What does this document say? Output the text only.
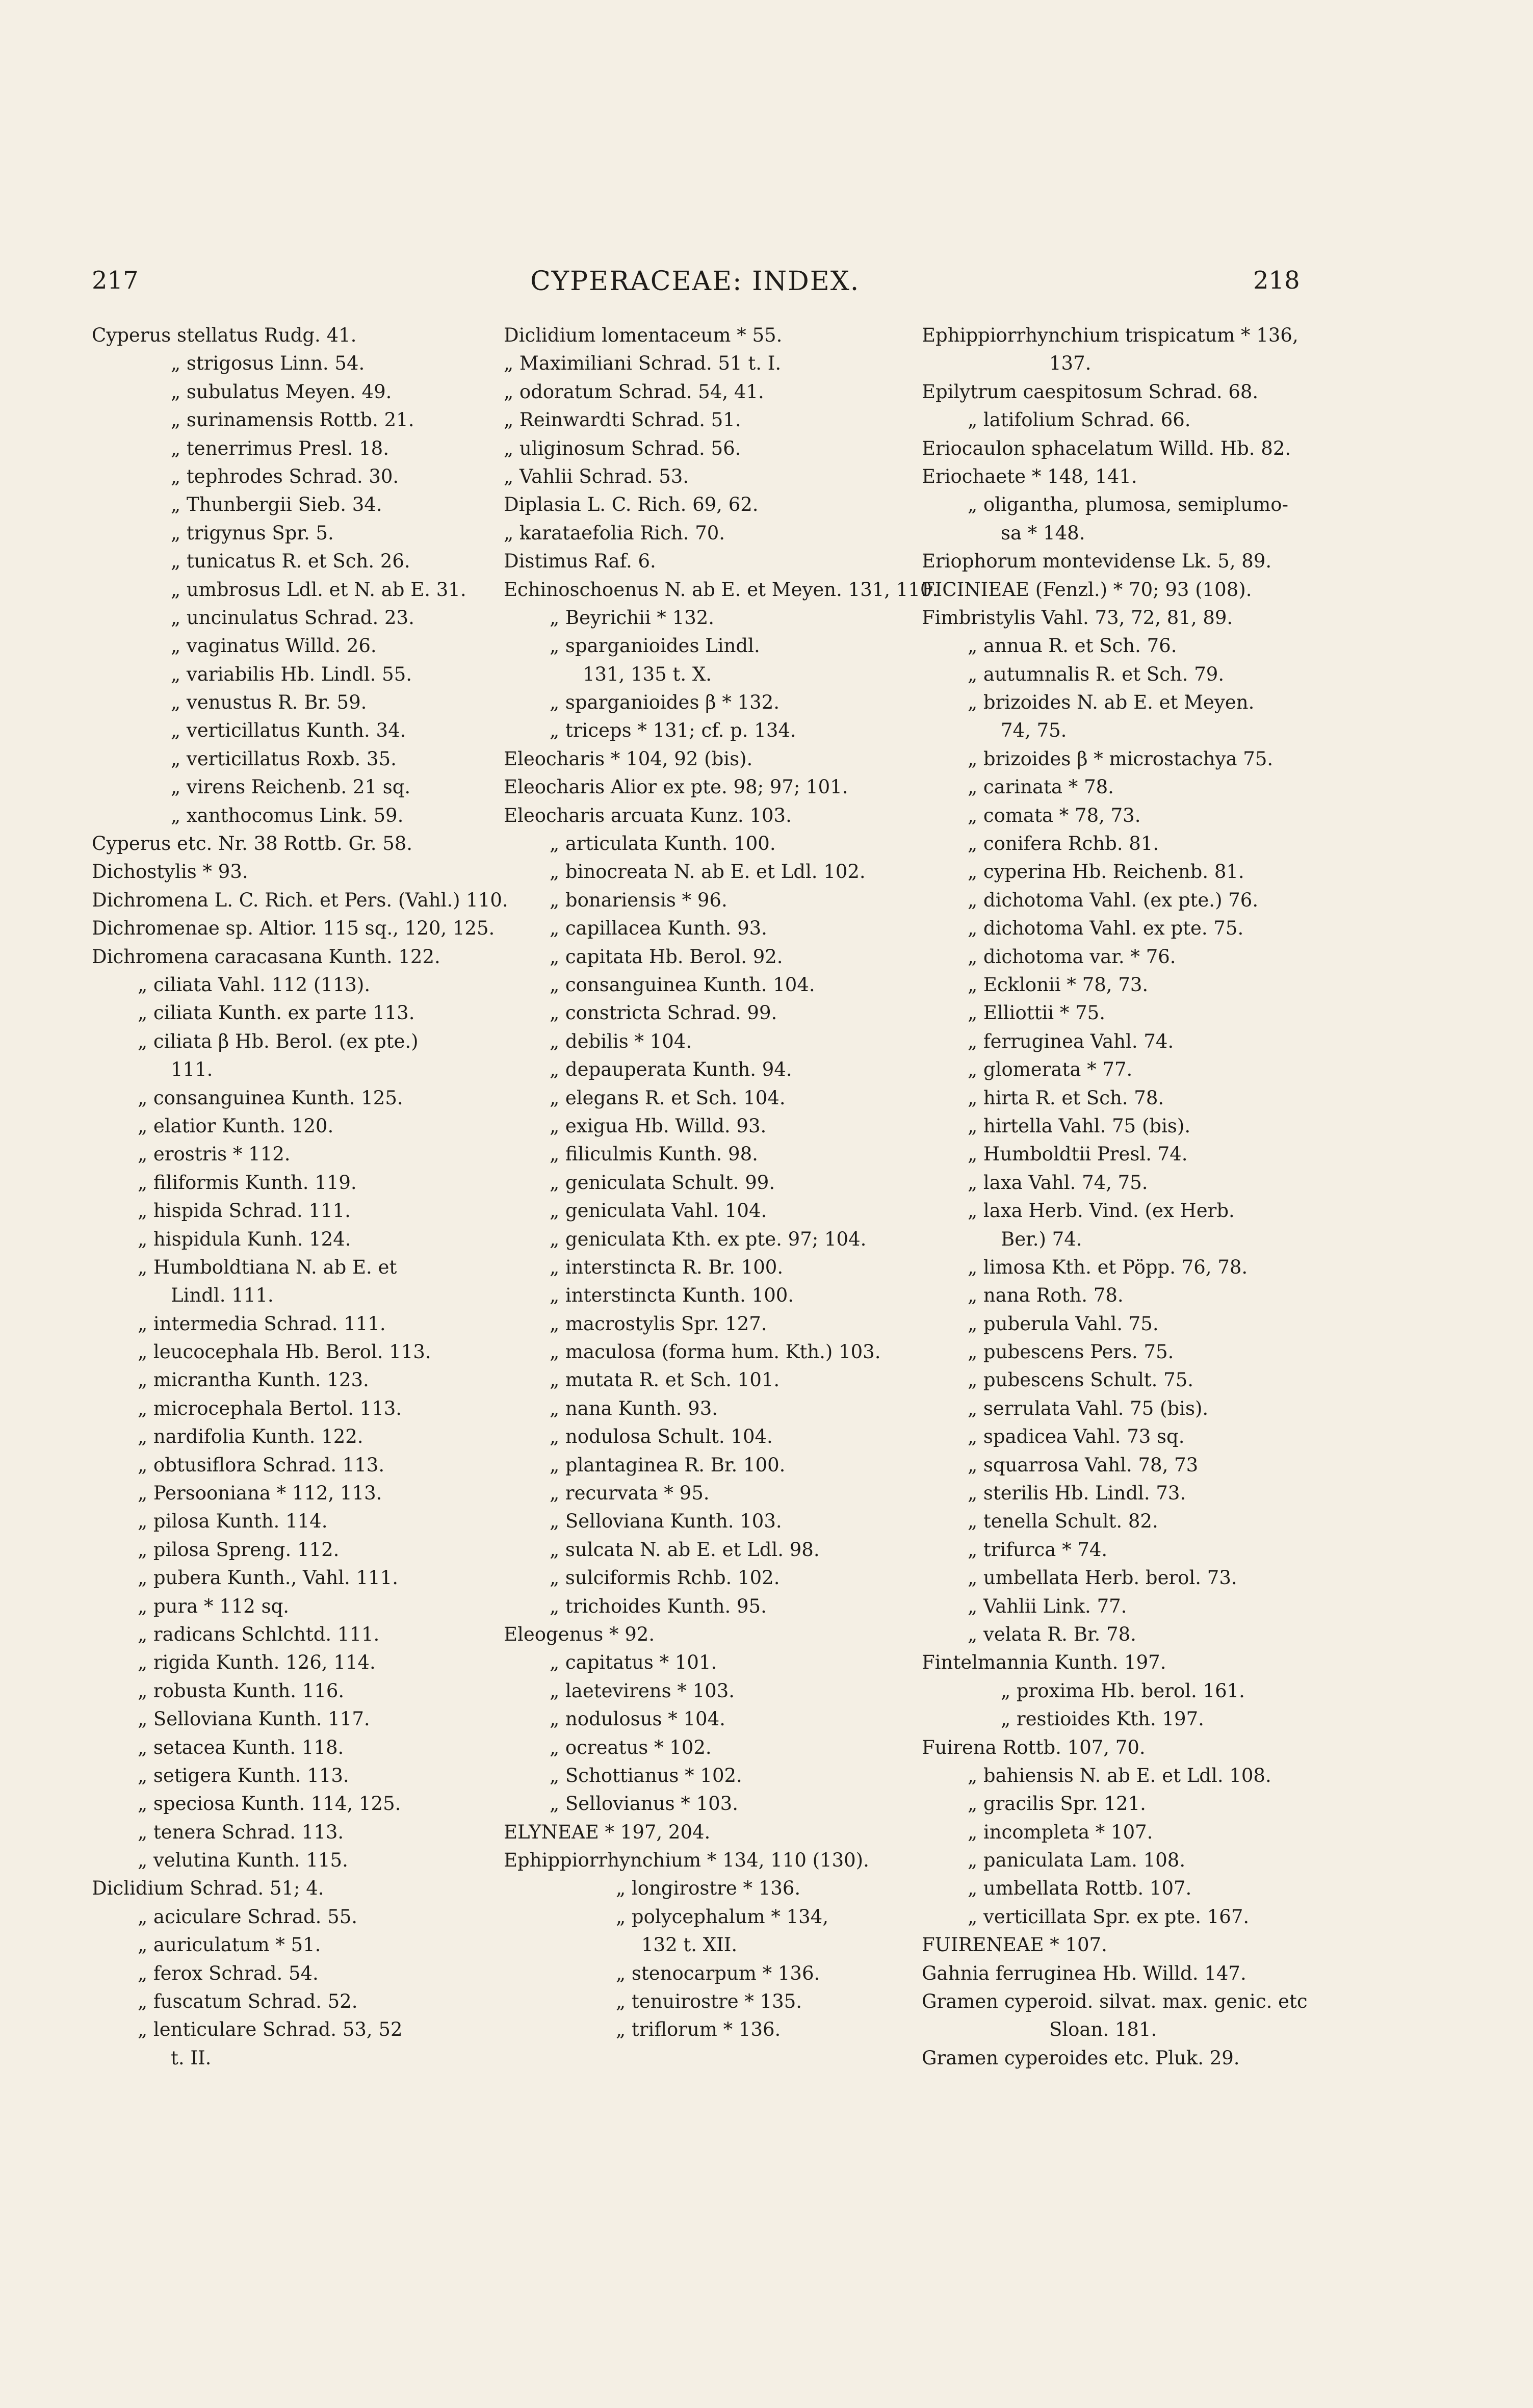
217	CYPERACEAE: INDEX.	218
Cyperus stellatus Rudg. 41.
„ strigosus Linn. 54.
„ subulatus Meyen. 49.
„ surinamensis Rottb. 21.
„ tenerrimus Presl. 18.
„ tephrodes Schrad. 30.
„ Thunbergii Sieb. 34.
„ trigynus Spr. 5.
„ tunicatus R. et Sch. 26.
„ umbrosus Ldl. et N. ab E. 31.
„ uncinulatus Schrad. 23.
„ vaginatus Willd. 26.
„ variabilis Hb. Lindl. 55.
„ venustus R. Br. 59.
„ verticillatus Kunth. 34.
„ verticillatus Roxb. 35.
„ virens Reichenb. 21 sq.
„ xanthocomus Link. 59.
Cyperus etc. Nr. 38 Rottb. Gr. 58.
Dichostylis * 93.
Dichromena L. C. Rich. et Pers. (Vahl.) 110.
Dichromenae sp. Altior. 115 sq., 120, 125.
Dichromena caracasana Kunth. 122.
„ ciliata Vahl. 112 (113).
„ ciliata Kunth. ex parte 113.
„ ciliata β Hb. Berol. (ex pte.)
111.
„ consanguinea Kunth. 125.
„ elatior Kunth. 120.
„ erostris * 112.
„ filiformis Kunth. 119.
„ hispida Schrad. 111.
„ hispidula Kunh. 124.
„ Humboldtiana N. ab E. et
Lindl. 111.
„ intermedia Schrad. 111.
„ leucocephala Hb. Berol. 113.
„ micrantha Kunth. 123.
„ microcephala Bertol. 113.
„ nardifolia Kunth. 122.
„ obtusiflora Schrad. 113.
„ Persooniana * 112, 113.
„ pilosa Kunth. 114.
„ pilosa Spreng. 112.
„ pubera Kunth., Vahl. 111.
„ pura * 112 sq.
„ radicans Schlchtd. 111.
„ rigida Kunth. 126, 114.
„ robusta Kunth. 116.
„ Selloviana Kunth. 117.
„ setacea Kunth. 118.
„ setigera Kunth. 113.
„ speciosa Kunth. 114, 125.
„ tenera Schrad. 113.
„ velutina Kunth. 115.
Diclidium Schrad. 51; 4.
„ aciculare Schrad. 55.
„ auriculatum * 51.
„ ferox Schrad. 54.
„ fuscatum Schrad. 52.
„ lenticulare Schrad. 53, 52
t. II.
Diclidium lomentaceum * 55.
„ Maximiliani Schrad. 51 t. I.
„ odoratum Schrad. 54, 41.
„ Reinwardti Schrad. 51.
„ uliginosum Schrad. 56.
„ Vahlii Schrad. 53.
Diplasia L. C. Rich. 69, 62.
„ karataefolia Rich. 70.
Distimus Raf. 6.
Echinoschoenus N. ab E. et Meyen. 131, 110.
„ Beyrichii * 132.
„ sparganioides Lindl.
131, 135 t. X.
„ sparganioides β * 132.
„ triceps * 131; cf. p. 134.
Eleocharis * 104, 92 (bis).
Eleocharis Alior ex pte. 98; 97; 101.
Eleocharis arcuata Kunz. 103.
„ articulata Kunth. 100.
„ binocreata N. ab E. et Ldl. 102.
„ bonariensis * 96.
„ capillacea Kunth. 93.
„ capitata Hb. Berol. 92.
„ consanguinea Kunth. 104.
„ constricta Schrad. 99.
„ debilis * 104.
„ depauperata Kunth. 94.
„ elegans R. et Sch. 104.
„ exigua Hb. Willd. 93.
„ filiculmis Kunth. 98.
„ geniculata Schult. 99.
„ geniculata Vahl. 104.
„ geniculata Kth. ex pte. 97; 104.
„ interstincta R. Br. 100.
„ interstincta Kunth. 100.
„ macrostylis Spr. 127.
„ maculosa (forma hum. Kth.) 103.
„ mutata R. et Sch. 101.
„ nana Kunth. 93.
„ nodulosa Schult. 104.
„ plantaginea R. Br. 100.
„ recurvata * 95.
„ Selloviana Kunth. 103.
„ sulcata N. ab E. et Ldl. 98.
„ sulciformis Rchb. 102.
„ trichoides Kunth. 95.
Eleogenus * 92.
„ capitatus * 101.
„ laetevirens * 103.
„ nodulosus * 104.
„ ocreatus * 102.
„ Schottianus * 102.
„ Sellovianus * 103.
ELYNEAE * 197, 204.
Ephippiorrhynchium * 134, 110 (130).
„ longirostre * 136.
„ polycephalum * 134,
132 t. XII.
„ stenocarpum * 136.
„ tenuirostre * 135.
„ triflorum * 136.
Ephippiorrhynchium trispicatum * 136,
137.
Epilytrum caespitosum Schrad. 68.
„ latifolium Schrad. 66.
Eriocaulon sphacelatum Willd. Hb. 82.
Eriochaete * 148, 141.
„ oligantha, plumosa, semiplumo-
sa * 148.
Eriophorum montevidense Lk. 5, 89.
FICINIEAE (Fenzl.) * 70; 93 (108).
Fimbristylis Vahl. 73, 72, 81, 89.
„ annua R. et Sch. 76.
„ autumnalis R. et Sch. 79.
„ brizoides N. ab E. et Meyen.
74, 75.
„ brizoides β * microstachya 75.
„ carinata * 78.
„ comata * 78, 73.
„ conifera Rchb. 81.
„ cyperina Hb. Reichenb. 81.
„ dichotoma Vahl. (ex pte.) 76.
„ dichotoma Vahl. ex pte. 75.
„ dichotoma var. * 76.
„ Ecklonii * 78, 73.
„ Elliottii * 75.
„ ferruginea Vahl. 74.
„ glomerata * 77.
„ hirta R. et Sch. 78.
„ hirtella Vahl. 75 (bis).
„ Humboldtii Presl. 74.
„ laxa Vahl. 74, 75.
„ laxa Herb. Vind. (ex Herb.
Ber.) 74.
„ limosa Kth. et Pöpp. 76, 78.
„ nana Roth. 78.
„ puberula Vahl. 75.
„ pubescens Pers. 75.
„ pubescens Schult. 75.
„ serrulata Vahl. 75 (bis).
„ spadicea Vahl. 73 sq.
„ squarrosa Vahl. 78, 73
„ sterilis Hb. Lindl. 73.
„ tenella Schult. 82.
„ trifurca * 74.
„ umbellata Herb. berol. 73.
„ Vahlii Link. 77.
„ velata R. Br. 78.
Fintelmannia Kunth. 197.
„ proxima Hb. berol. 161.
„ restioides Kth. 197.
Fuirena Rottb. 107, 70.
„ bahiensis N. ab E. et Ldl. 108.
„ gracilis Spr. 121.
„ incompleta * 107.
„ paniculata Lam. 108.
„ umbellata Rottb. 107.
„ verticillata Spr. ex pte. 167.
FUIRENEAE * 107.
Gahnia ferruginea Hb. Willd. 147.
Gramen cyperoid. silvat. max. genic. etc
Sloan. 181.
Gramen cyperoides etc. Pluk. 29.
